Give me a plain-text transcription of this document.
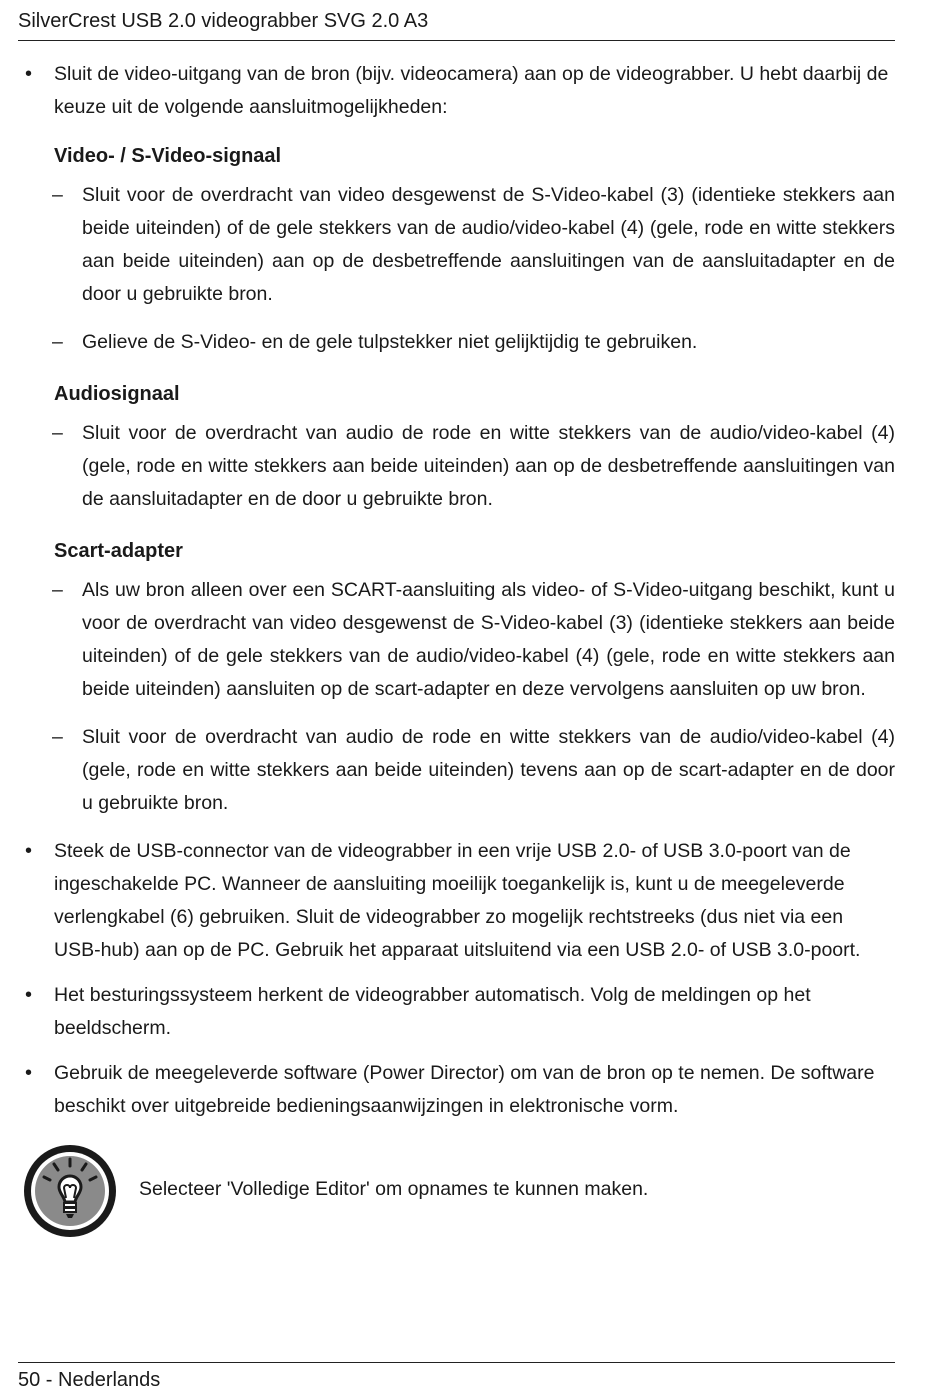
SilverCrest USB 2.0 videograbber SVG 2.0 A3
• Sluit de video-uitgang van de bron (bijv. videocamera) aan op de videograbber. U hebt daarbij de keuze uit de volgende aansluitmogelijkheden:
Video- / S-Video-signaal
– Sluit voor de overdracht van video desgewenst de S-Video-kabel (3) (identieke stekkers aan beide uiteinden) of de gele stekkers van de audio/video-kabel (4) (gele, rode en witte stekkers aan beide uiteinden) aan op de desbetreffende aansluitingen van de aansluitadapter en de door u gebruikte bron.
– Gelieve de S-Video- en de gele tulpstekker niet gelijktijdig te gebruiken.
Audiosignaal
– Sluit voor de overdracht van audio de rode en witte stekkers van de audio/video-kabel (4) (gele, rode en witte stekkers aan beide uiteinden) aan op de desbetreffende aansluitingen van de aansluitadapter en de door u gebruikte bron.
Scart-adapter
– Als uw bron alleen over een SCART-aansluiting als video- of S-Video-uitgang beschikt, kunt u voor de overdracht van video desgewenst de S-Video-kabel (3) (identieke stekkers aan beide uiteinden) of de gele stekkers van de audio/video-kabel (4) (gele, rode en witte stekkers aan beide uiteinden) aansluiten op de scart-adapter en deze vervolgens aansluiten op uw bron.
– Sluit voor de overdracht van audio de rode en witte stekkers van de audio/video-kabel (4) (gele, rode en witte stekkers aan beide uiteinden) tevens aan op de scart-adapter en de door u gebruikte bron.
• Steek de USB-connector van de videograbber in een vrije USB 2.0- of USB 3.0-poort van de ingeschakelde PC. Wanneer de aansluiting moeilijk toegankelijk is, kunt u de meegeleverde verlengkabel (6) gebruiken. Sluit de videograbber zo mogelijk rechtstreeks (dus niet via een USB-hub) aan op de PC. Gebruik het apparaat uitsluitend via een USB 2.0- of USB 3.0-poort.
• Het besturingssysteem herkent de videograbber automatisch. Volg de meldingen op het beeldscherm.
• Gebruik de meegeleverde software (Power Director) om van de bron op te nemen. De software beschikt over uitgebreide bedieningsaanwijzingen in elektronische vorm.
Selecteer 'Volledige Editor' om opnames te kunnen maken.
50 - Nederlands
